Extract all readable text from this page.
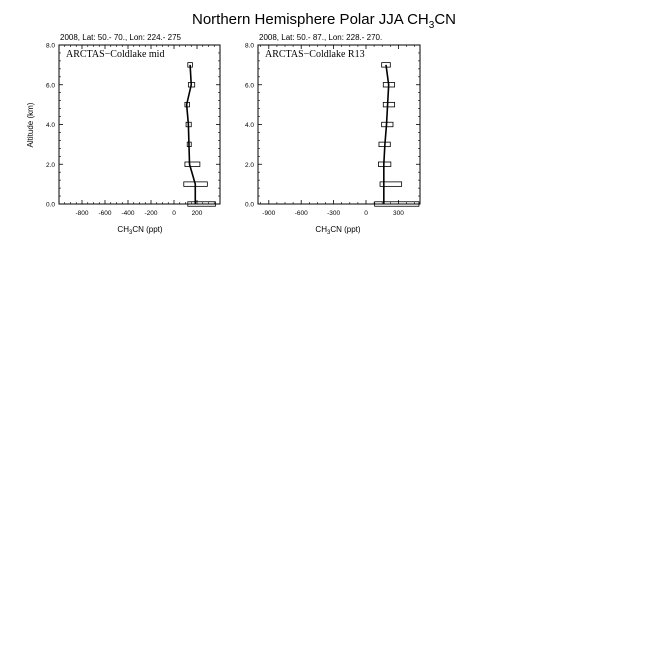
Northern Hemisphere Polar JJA $CH_3CN$
2008, Lat: 50.- 70., Lon: 224.- 275
ARCTAS−Coldlake mid
Altitude (km)
$CH_3CN$ (ppt)
-800 -600 -400 -200 0 200
0.0
2.0
4.0
6.0
8.0
2008, Lat: 50.- 87., Lon: 228.- 270.
ARCTAS−Coldlake R13
$CH_3CN$ (ppt)
-900	-600	-300	0	300
0.0
2.0
4.0
6.0
8.0
